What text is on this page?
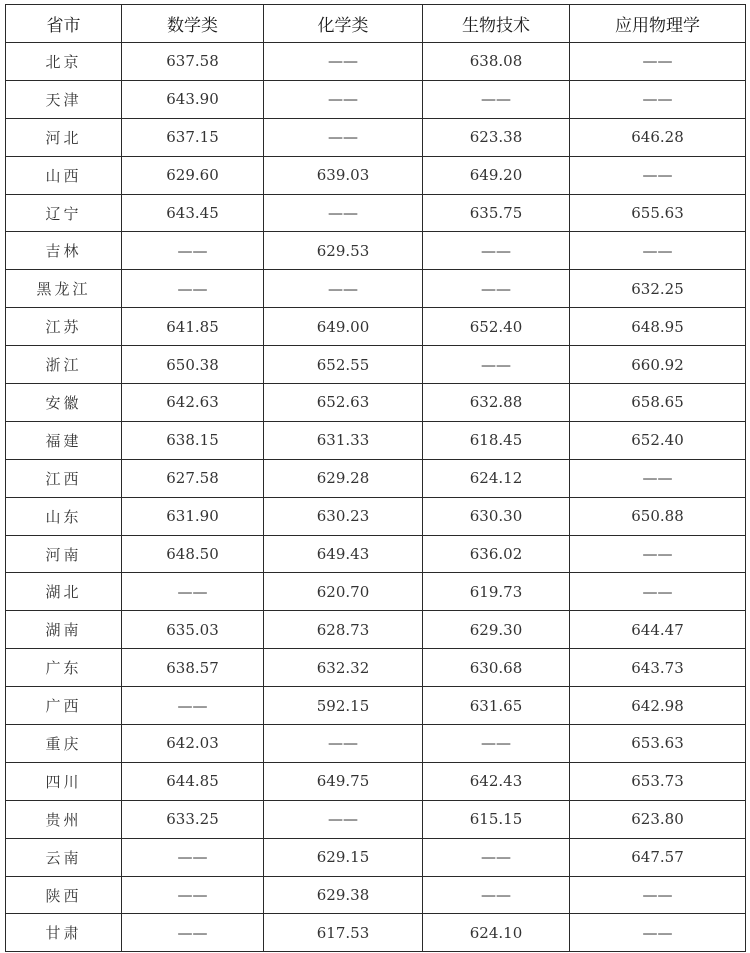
省市	数学类	化学类	生物技术	应用物理学
北京	637.58	——	638.08	——
天津	643.90	——	——	——
河北	637.15	——	623.38	646.28
山西	629.60	639.03	649.20	——
辽宁	643.45	——	635.75	655.63
吉林	——	629.53	——	——
黑龙江	——	——	——	632.25
江苏	641.85	649.00	652.40	648.95
浙江	650.38	652.55	——	660.92
安徽	642.63	652.63	632.88	658.65
福建	638.15	631.33	618.45	652.40
江西	627.58	629.28	624.12	——
山东	631.90	630.23	630.30	650.88
河南	648.50	649.43	636.02	——
湖北	——	620.70	619.73	——
湖南	635.03	628.73	629.30	644.47
广东	638.57	632.32	630.68	643.73
广西	——	592.15	631.65	642.98
重庆	642.03	——	——	653.63
四川	644.85	649.75	642.43	653.73
贵州	633.25	——	615.15	623.80
云南	——	629.15	——	647.57
陕西	——	629.38	——	——
甘肃	——	617.53	624.10	——
